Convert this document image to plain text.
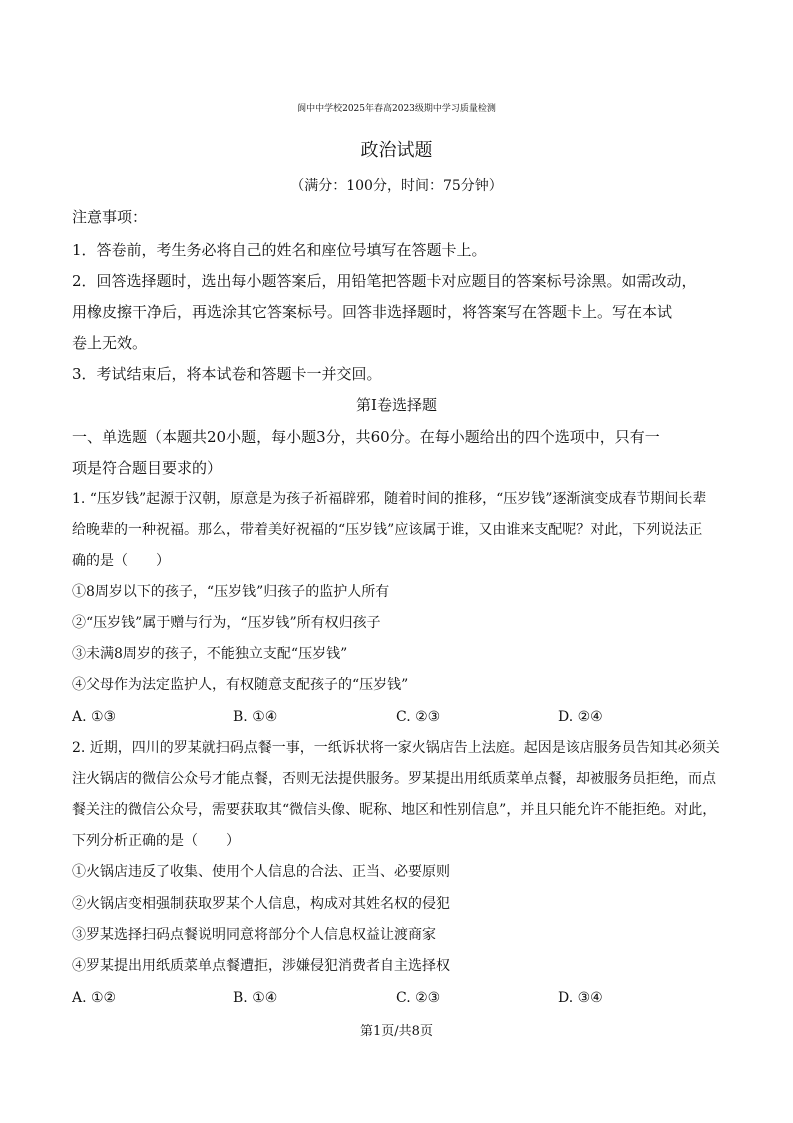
阆中中学校2025年春高2023级期中学习质量检测
政治试题
（满分：100分，时间：75分钟）
注意事项：
1．答卷前，考生务必将自己的姓名和座位号填写在答题卡上。
2．回答选择题时，选出每小题答案后，用铅笔把答题卡对应题目的答案标号涂黑。如需改动，
用橡皮擦干净后，再选涂其它答案标号。回答非选择题时，将答案写在答题卡上。写在本试
卷上无效。
3．考试结束后，将本试卷和答题卡一并交回。
第I卷选择题
一、单选题（本题共20小题，每小题3分，共60分。在每小题给出的四个选项中，只有一
项是符合题目要求的）
1. “压岁钱”起源于汉朝，原意是为孩子祈福辟邪，随着时间的推移，“压岁钱”逐渐演变成春节期间长辈
给晚辈的一种祝福。那么，带着美好祝福的“压岁钱”应该属于谁，又由谁来支配呢？对此，下列说法正
确的是（　　）
①8周岁以下的孩子，“压岁钱”归孩子的监护人所有
②“压岁钱”属于赠与行为，“压岁钱”所有权归孩子
③未满8周岁的孩子，不能独立支配“压岁钱”
④父母作为法定监护人，有权随意支配孩子的“压岁钱”
A. ①③	B. ①④	C. ②③	D. ②④
2. 近期，四川的罗某就扫码点餐一事，一纸诉状将一家火锅店告上法庭。起因是该店服务员告知其必须关
注火锅店的微信公众号才能点餐，否则无法提供服务。罗某提出用纸质菜单点餐，却被服务员拒绝，而点
餐关注的微信公众号，需要获取其“微信头像、昵称、地区和性别信息”，并且只能允许不能拒绝。对此，
下列分析正确的是（　　）
①火锅店违反了收集、使用个人信息的合法、正当、必要原则
②火锅店变相强制获取罗某个人信息，构成对其姓名权的侵犯
③罗某选择扫码点餐说明同意将部分个人信息权益让渡商家
④罗某提出用纸质菜单点餐遭拒，涉嫌侵犯消费者自主选择权
A. ①②	B. ①④	C. ②③	D. ③④
第1页/共8页
